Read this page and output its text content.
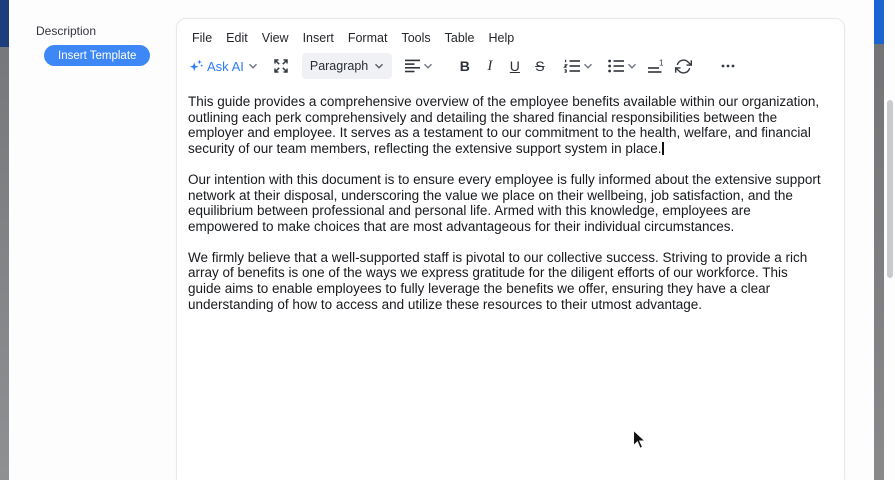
Description
Insert Template
File	Edit	View	Insert	Format	Tools	Table	Help
Ask AI	Paragraph	B	I	U	S	1

This guide provides a comprehensive overview of the employee benefits available within our organization, outlining each perk comprehensively and detailing the shared financial responsibilities between the employer and employee. It serves as a testament to our commitment to the health, welfare, and financial security of our team members, reflecting the extensive support system in place.

Our intention with this document is to ensure every employee is fully informed about the extensive support network at their disposal, underscoring the value we place on their wellbeing, job satisfaction, and the equilibrium between professional and personal life. Armed with this knowledge, employees are empowered to make choices that are most advantageous for their individual circumstances.

We firmly believe that a well-supported staff is pivotal to our collective success. Striving to provide a rich array of benefits is one of the ways we express gratitude for the diligent efforts of our workforce. This guide aims to enable employees to fully leverage the benefits we offer, ensuring they have a clear understanding of how to access and utilize these resources to their utmost advantage.
